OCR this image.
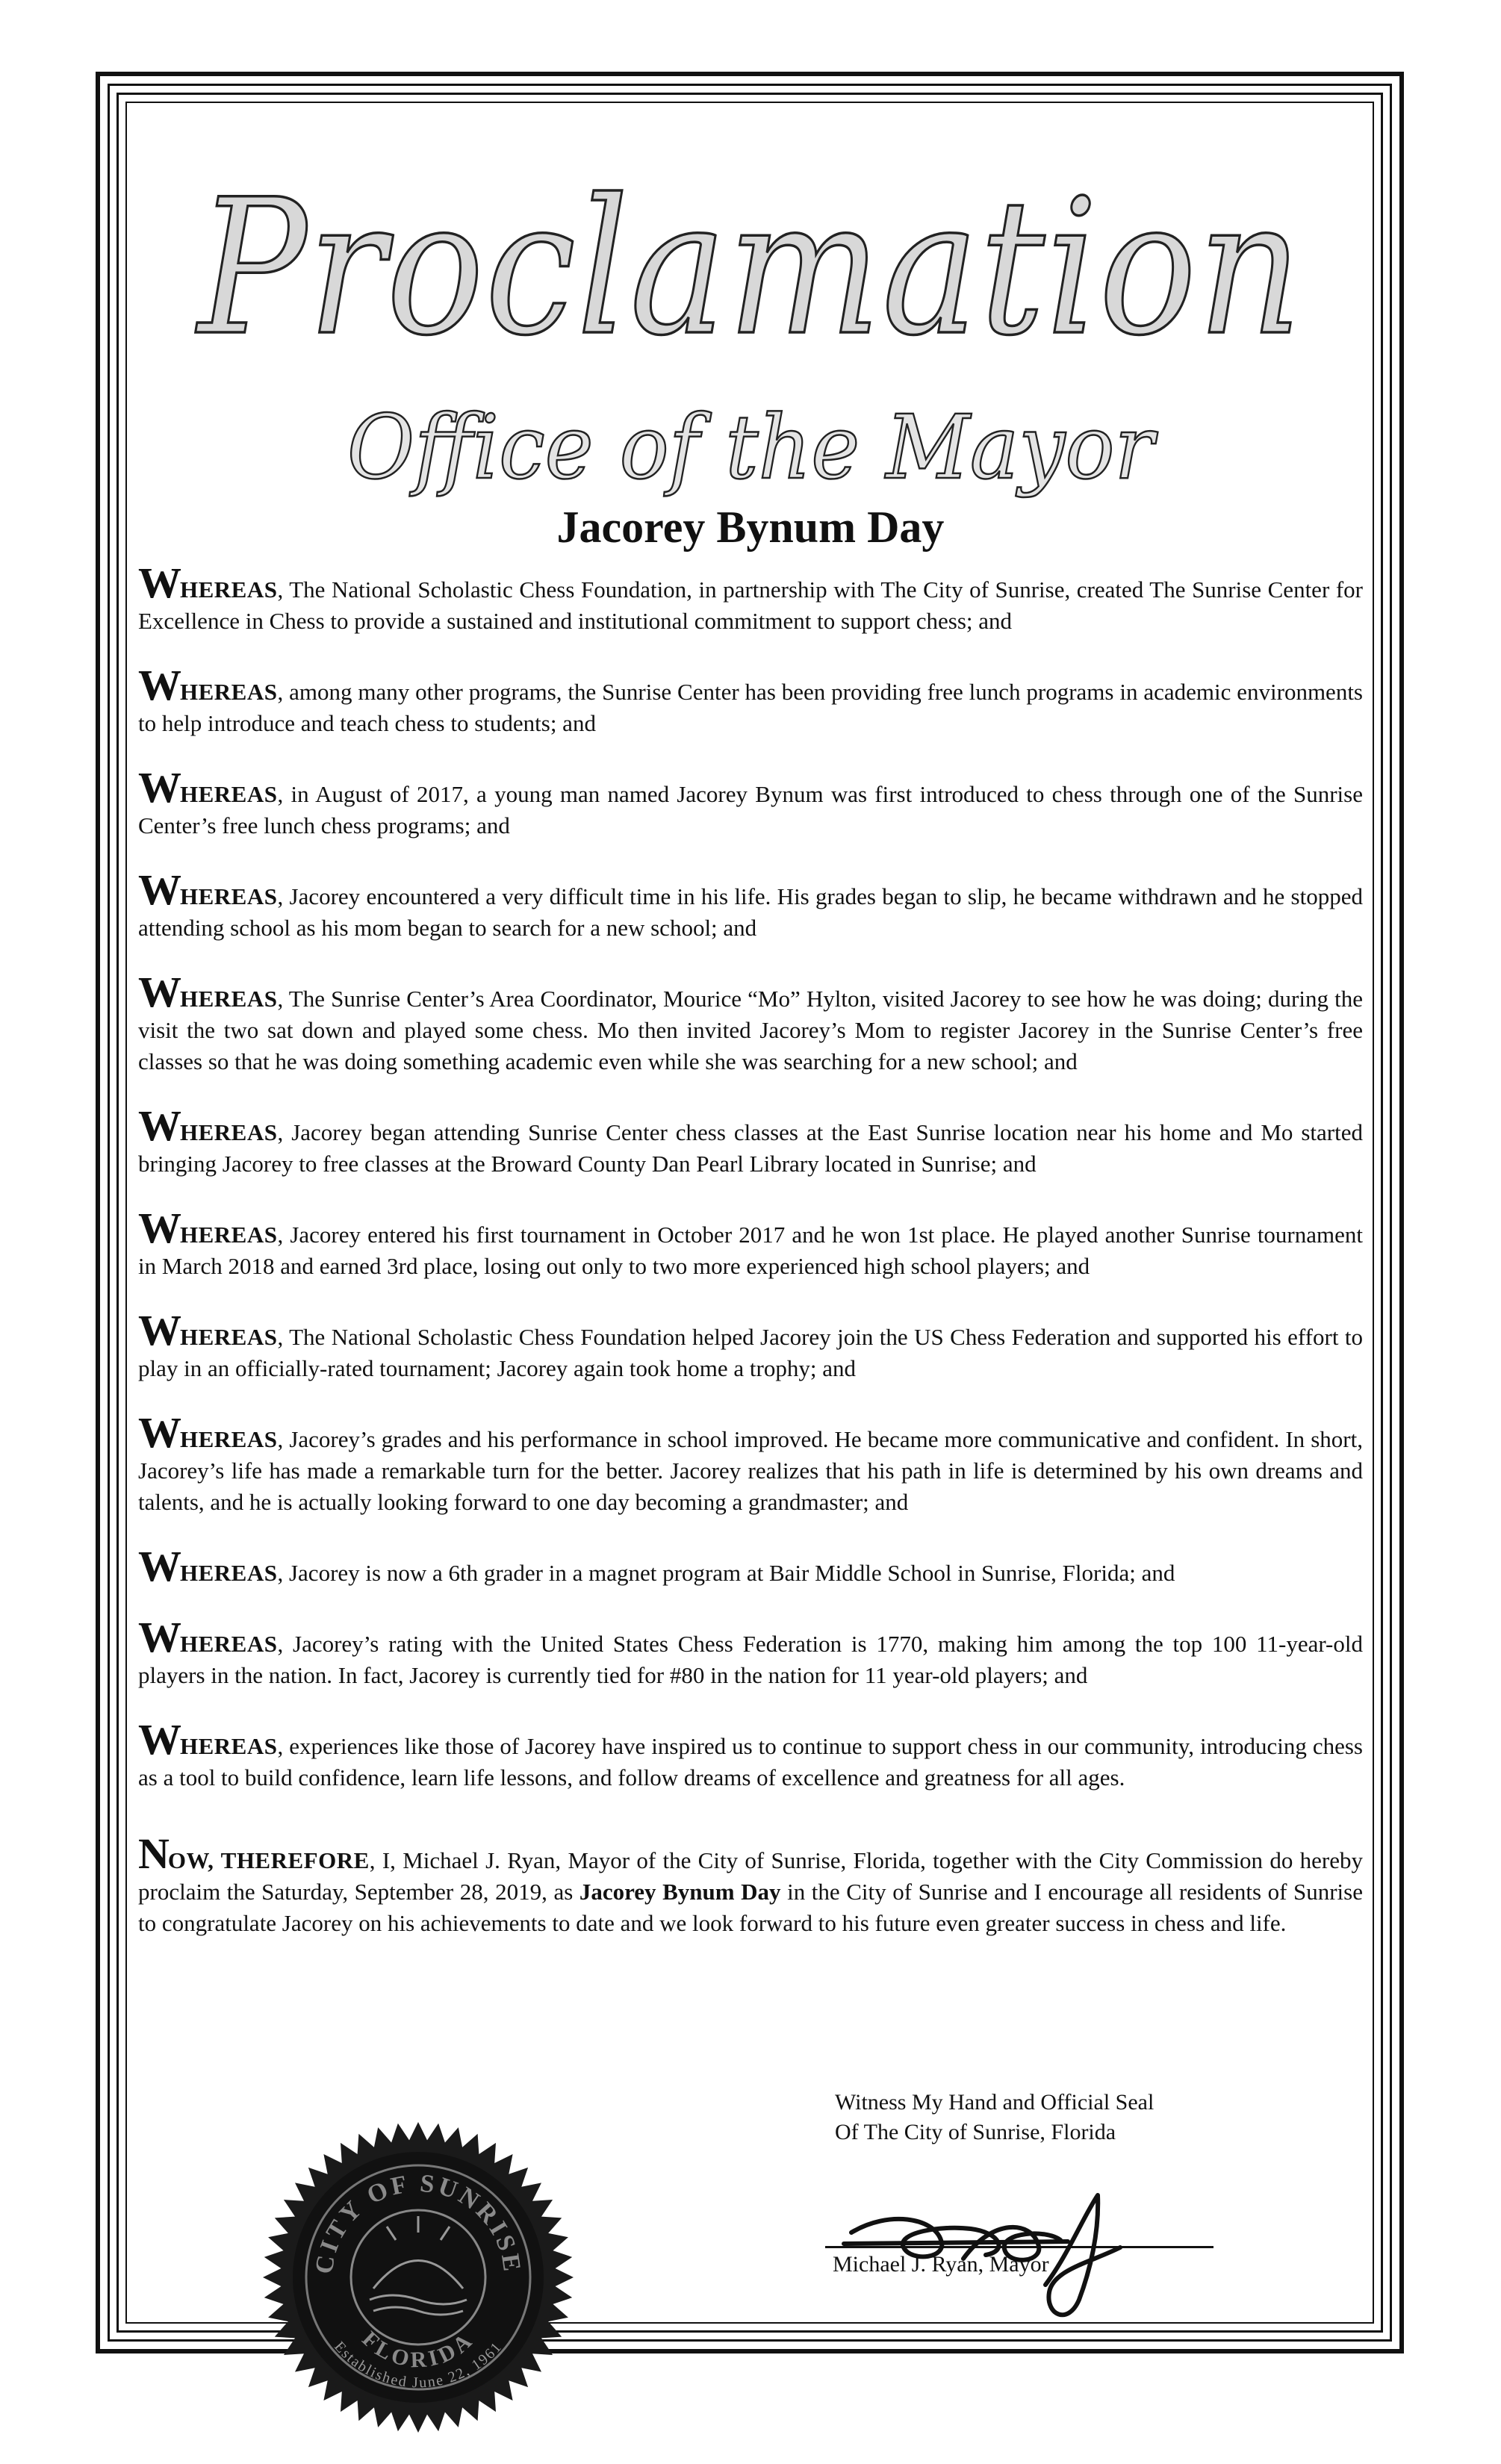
Proclamation
Office of the Mayor
Jacorey Bynum Day

WHEREAS, The National Scholastic Chess Foundation, in partnership with The City of Sunrise, created The Sunrise Center for Excellence in Chess to provide a sustained and institutional commitment to support chess; and

WHEREAS, among many other programs, the Sunrise Center has been providing free lunch programs in academic environments to help introduce and teach chess to students; and

WHEREAS, in August of 2017, a young man named Jacorey Bynum was first introduced to chess through one of the Sunrise Center’s free lunch chess programs; and

WHEREAS, Jacorey encountered a very difficult time in his life. His grades began to slip, he became withdrawn and he stopped attending school as his mom began to search for a new school; and

WHEREAS, The Sunrise Center’s Area Coordinator, Mourice “Mo” Hylton, visited Jacorey to see how he was doing; during the visit the two sat down and played some chess. Mo then invited Jacorey’s Mom to register Jacorey in the Sunrise Center’s free classes so that he was doing something academic even while she was searching for a new school; and

WHEREAS, Jacorey began attending Sunrise Center chess classes at the East Sunrise location near his home and Mo started bringing Jacorey to free classes at the Broward County Dan Pearl Library located in Sunrise; and

WHEREAS, Jacorey entered his first tournament in October 2017 and he won 1st place. He played another Sunrise tournament in March 2018 and earned 3rd place, losing out only to two more experienced high school players; and

WHEREAS, The National Scholastic Chess Foundation helped Jacorey join the US Chess Federation and supported his effort to play in an officially-rated tournament; Jacorey again took home a trophy; and

WHEREAS, Jacorey’s grades and his performance in school improved. He became more communicative and confident. In short, Jacorey’s life has made a remarkable turn for the better. Jacorey realizes that his path in life is determined by his own dreams and talents, and he is actually looking forward to one day becoming a grandmaster; and

WHEREAS, Jacorey is now a 6th grader in a magnet program at Bair Middle School in Sunrise, Florida; and

WHEREAS, Jacorey’s rating with the United States Chess Federation is 1770, making him among the top 100 11-year-old players in the nation. In fact, Jacorey is currently tied for #80 in the nation for 11 year-old players; and

WHEREAS, experiences like those of Jacorey have inspired us to continue to support chess in our community, introducing chess as a tool to build confidence, learn life lessons, and follow dreams of excellence and greatness for all ages.

NOW, THEREFORE, I, Michael J. Ryan, Mayor of the City of Sunrise, Florida, together with the City Commission do hereby proclaim the Saturday, September 28, 2019, as Jacorey Bynum Day in the City of Sunrise and I encourage all residents of Sunrise to congratulate Jacorey on his achievements to date and we look forward to his future even greater success in chess and life.

Witness My Hand and Official Seal
Of The City of Sunrise, Florida
Michael J. Ryan, Mayor
CITY OF SUNRISE
FLORIDA
Established June 22, 1961
